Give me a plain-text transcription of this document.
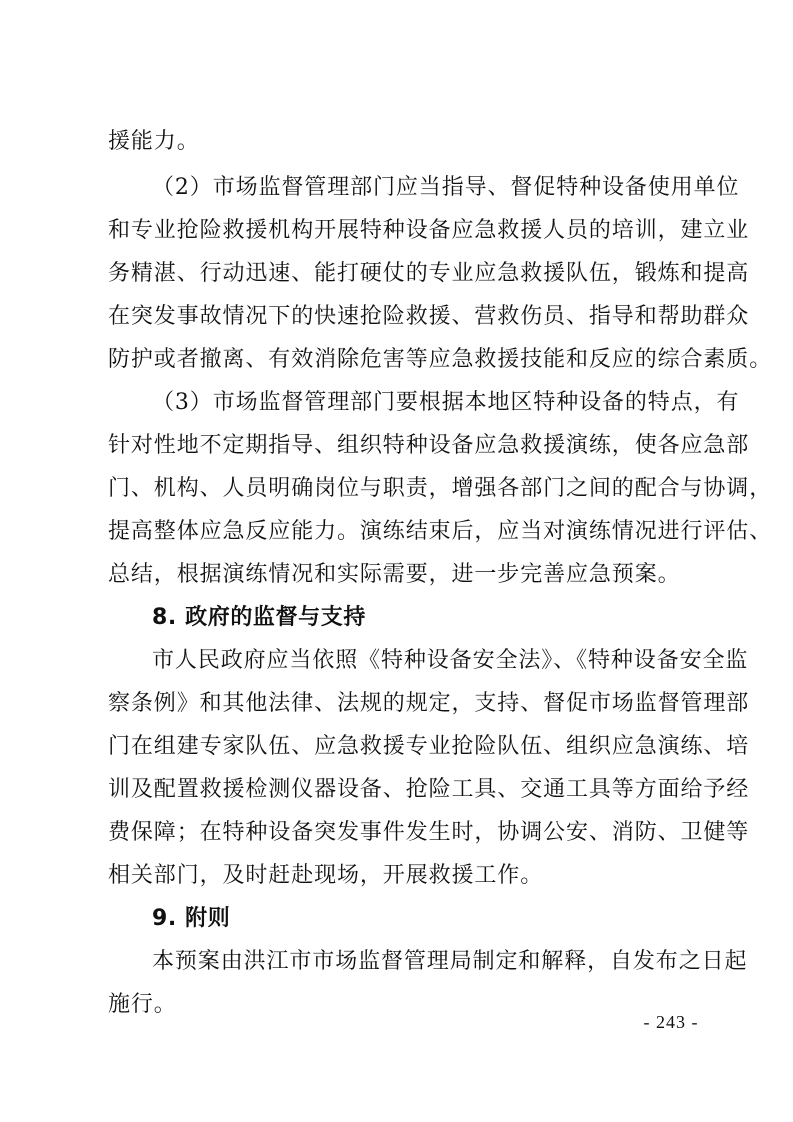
援能力。
（2）市场监督管理部门应当指导、督促特种设备使用单位
和专业抢险救援机构开展特种设备应急救援人员的培训，建立业
务精湛、行动迅速、能打硬仗的专业应急救援队伍，锻炼和提高
在突发事故情况下的快速抢险救援、营救伤员、指导和帮助群众
防护或者撤离、有效消除危害等应急救援技能和反应的综合素质。
（3）市场监督管理部门要根据本地区特种设备的特点，有
针对性地不定期指导、组织特种设备应急救援演练，使各应急部
门、机构、人员明确岗位与职责，增强各部门之间的配合与协调，
提高整体应急反应能力。演练结束后，应当对演练情况进行评估、
总结，根据演练情况和实际需要，进一步完善应急预案。
8. 政府的监督与支持
市人民政府应当依照《特种设备安全法》、《特种设备安全监
察条例》和其他法律、法规的规定，支持、督促市场监督管理部
门在组建专家队伍、应急救援专业抢险队伍、组织应急演练、培
训及配置救援检测仪器设备、抢险工具、交通工具等方面给予经
费保障；在特种设备突发事件发生时，协调公安、消防、卫健等
相关部门，及时赶赴现场，开展救援工作。
9. 附则
本预案由洪江市市场监督管理局制定和解释，自发布之日起
施行。
- 243 -
